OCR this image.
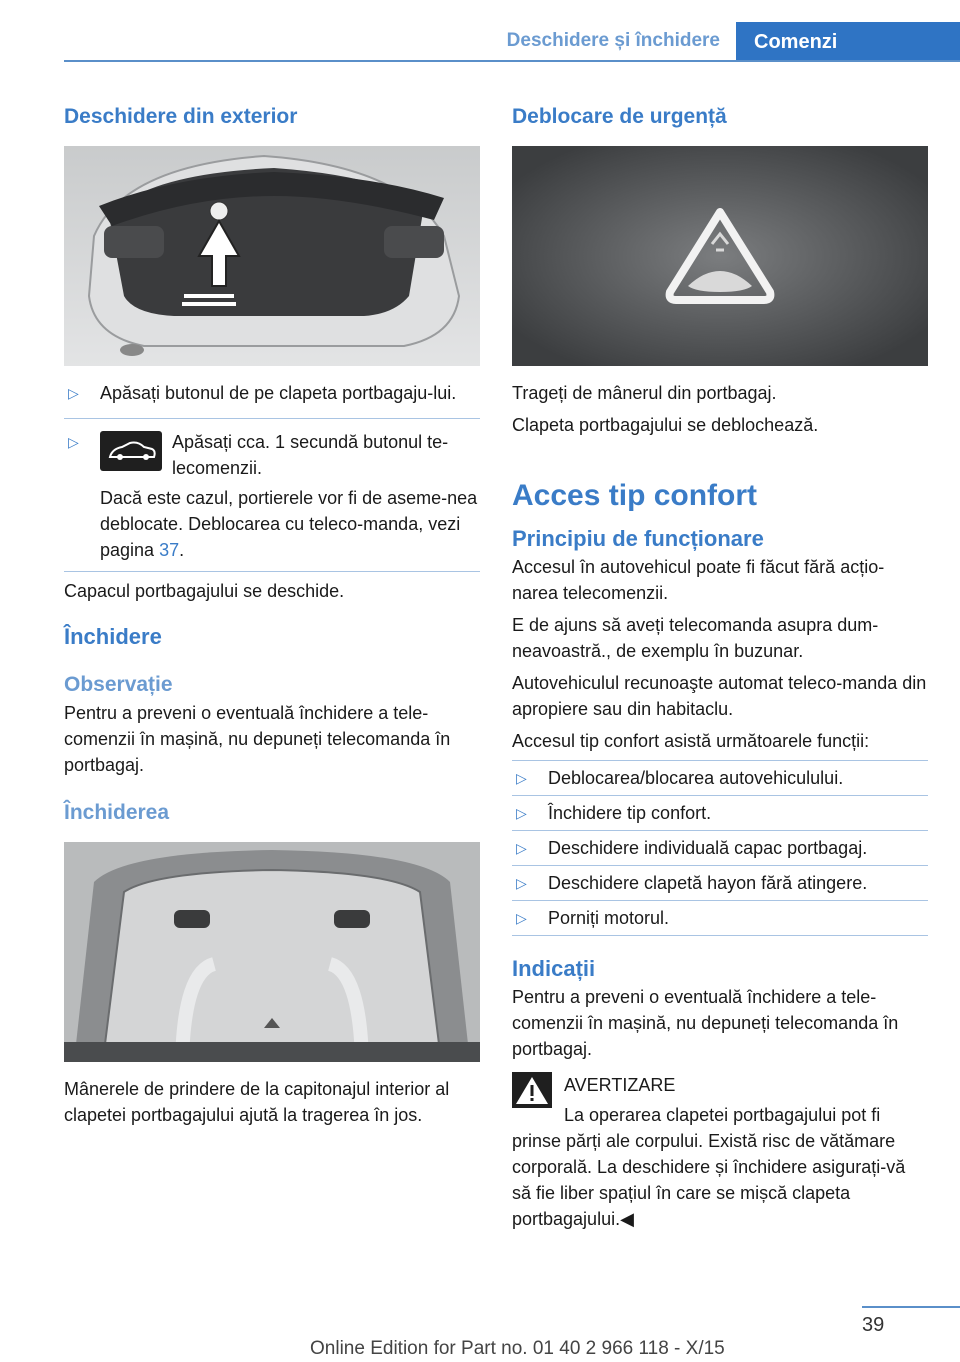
Deschidere și închidere	Comenzi
Deschidere din exterior
▷ Apăsați butonul de pe clapeta portbagaju-lui.
▷	Apăsați cca. 1 secundă butonul te-lecomenzii.
Dacă este cazul, portierele vor fi de aseme-nea deblocate. Deblocarea cu teleco-manda, vezi pagina 37.
Capacul portbagajului se deschide.
Închidere
Observație
Pentru a preveni o eventuală închidere a tele-comenzii în mașină, nu depuneți telecomanda în portbagaj.
Închiderea
Mânerele de prindere de la capitonajul interior al clapetei portbagajului ajută la tragerea în jos.
Deblocare de urgență
Trageți de mânerul din portbagaj.
Clapeta portbagajului se deblochează.
Acces tip confort
Principiu de funcționare
Accesul în autovehicul poate fi făcut fără acțio-narea telecomenzii.
E de ajuns să aveți telecomanda asupra dum-neavoastră., de exemplu în buzunar.
Autovehiculul recunoaşte automat teleco-manda din apropiere sau din habitaclu.
Accesul tip confort asistă următoarele funcții:
▷ Deblocarea/blocarea autovehiculului.
▷ Închidere tip confort.
▷ Deschidere individuală capac portbagaj.
▷ Deschidere clapetă hayon fără atingere.
▷ Porniți motorul.
Indicații
Pentru a preveni o eventuală închidere a tele-comenzii în mașină, nu depuneți telecomanda în portbagaj.
AVERTIZARE
La operarea clapetei portbagajului pot fi
prinse părți ale corpului. Există risc de vătămare corporală. La deschidere și închidere asigurați-vă să fie liber spațiul în care se mișcă clapeta portbagajului.◀
39
Online Edition for Part no. 01 40 2 966 118 - X/15
